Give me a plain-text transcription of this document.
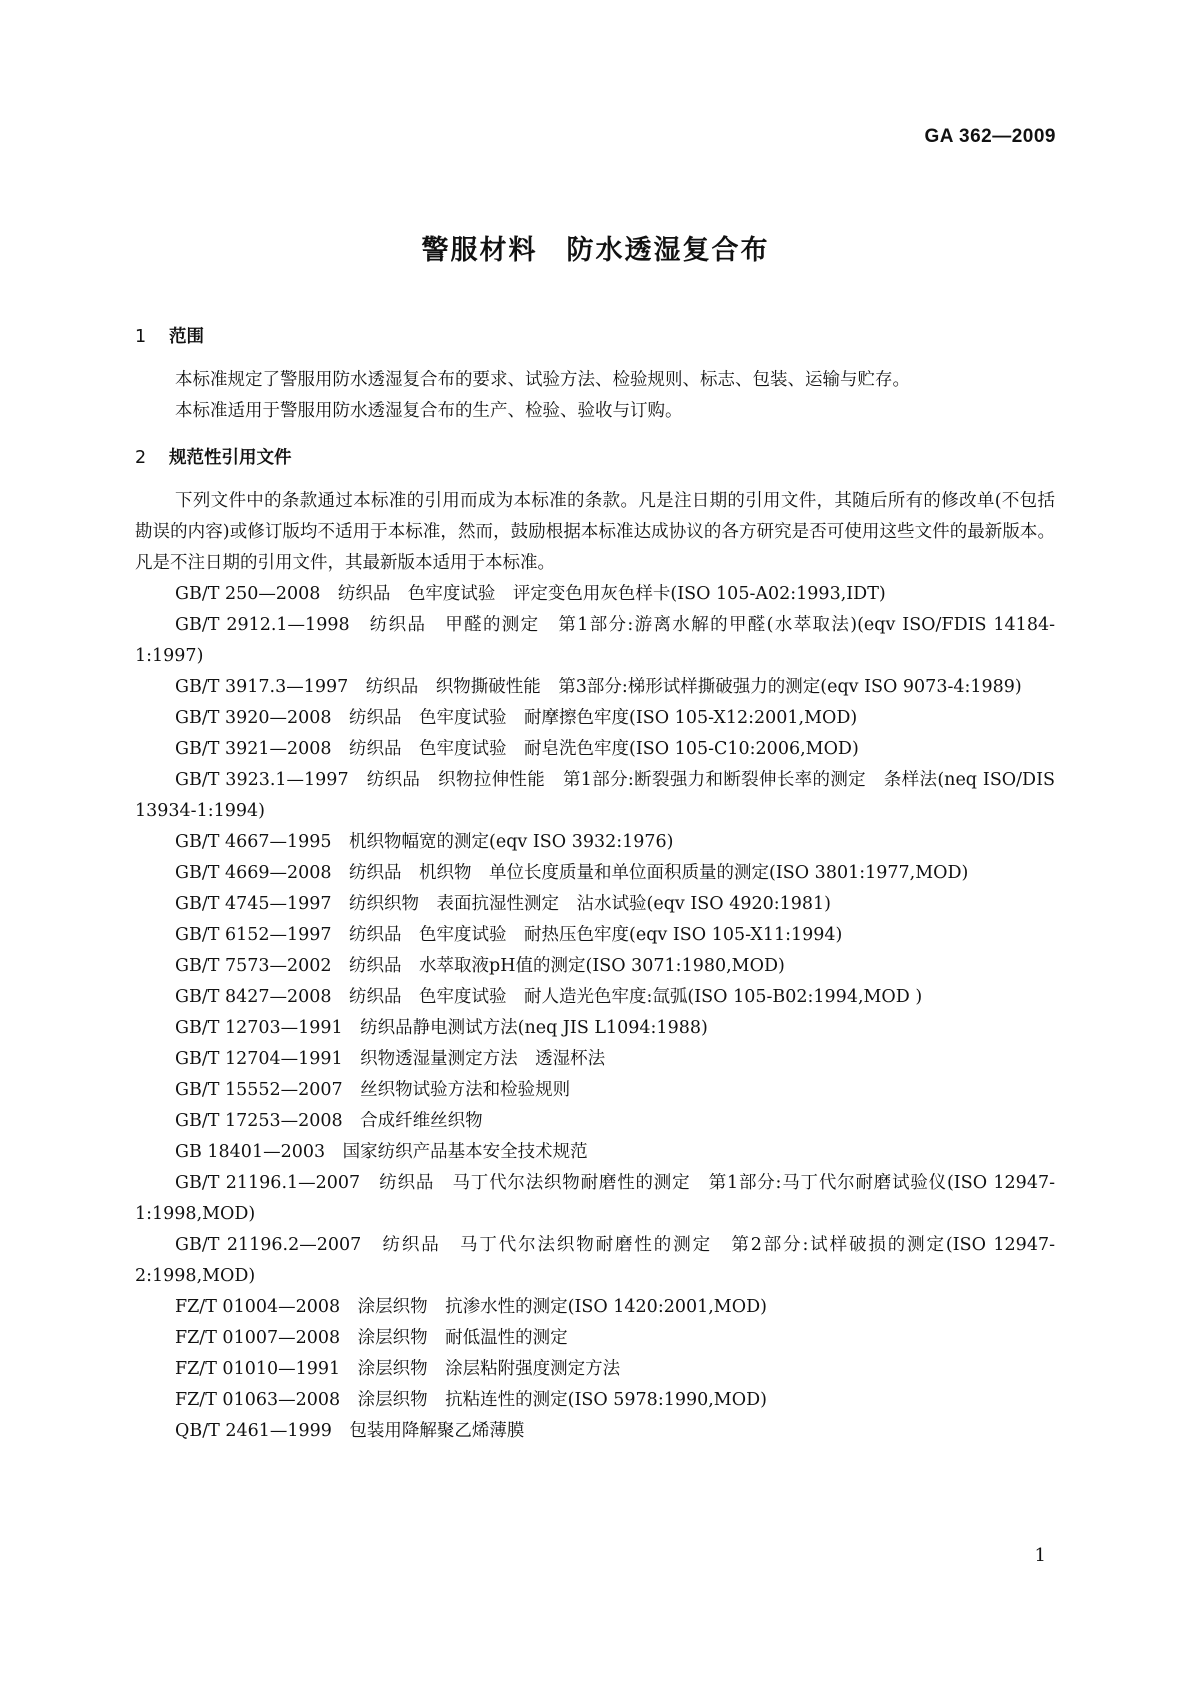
GA 362—2009
警服材料　防水透湿复合布
1 范围

本标准规定了警服用防水透湿复合布的要求、试验方法、检验规则、标志、包装、运输与贮存。

本标准适用于警服用防水透湿复合布的生产、检验、验收与订购。

2 规范性引用文件

下列文件中的条款通过本标准的引用而成为本标准的条款。凡是注日期的引用文件，其随后所有的修改单(不包括勘误的内容)或修订版均不适用于本标准，然而，鼓励根据本标准达成协议的各方研究是否可使用这些文件的最新版本。凡是不注日期的引用文件，其最新版本适用于本标准。

GB/T 250—2008　纺织品　色牢度试验　评定变色用灰色样卡(ISO 105-A02:1993,IDT)

GB/T 2912.1—1998　纺织品　甲醛的测定　第1部分:游离水解的甲醛(水萃取法)(eqv ISO/FDIS 14184-1:1997)

GB/T 3917.3—1997　纺织品　织物撕破性能　第3部分:梯形试样撕破强力的测定(eqv ISO 9073-4:1989)

GB/T 3920—2008　纺织品　色牢度试验　耐摩擦色牢度(ISO 105-X12:2001,MOD)

GB/T 3921—2008　纺织品　色牢度试验　耐皂洗色牢度(ISO 105-C10:2006,MOD)

GB/T 3923.1—1997　纺织品　织物拉伸性能　第1部分:断裂强力和断裂伸长率的测定　条样法(neq ISO/DIS 13934-1:1994)

GB/T 4667—1995　机织物幅宽的测定(eqv ISO 3932:1976)

GB/T 4669—2008　纺织品　机织物　单位长度质量和单位面积质量的测定(ISO 3801:1977,MOD)

GB/T 4745—1997　纺织织物　表面抗湿性测定　沾水试验(eqv ISO 4920:1981)

GB/T 6152—1997　纺织品　色牢度试验　耐热压色牢度(eqv ISO 105-X11:1994)

GB/T 7573—2002　纺织品　水萃取液pH值的测定(ISO 3071:1980,MOD)

GB/T 8427—2008　纺织品　色牢度试验　耐人造光色牢度:氙弧(ISO 105-B02:1994,MOD )

GB/T 12703—1991　纺织品静电测试方法(neq JIS L1094:1988)

GB/T 12704—1991　织物透湿量测定方法　透湿杯法

GB/T 15552—2007　丝织物试验方法和检验规则

GB/T 17253—2008　合成纤维丝织物

GB 18401—2003　国家纺织产品基本安全技术规范

GB/T 21196.1—2007　纺织品　马丁代尔法织物耐磨性的测定　第1部分:马丁代尔耐磨试验仪(ISO 12947-1:1998,MOD)

GB/T 21196.2—2007　纺织品　马丁代尔法织物耐磨性的测定　第2部分:试样破损的测定(ISO 12947-2:1998,MOD)

FZ/T 01004—2008　涂层织物　抗渗水性的测定(ISO 1420:2001,MOD)

FZ/T 01007—2008　涂层织物　耐低温性的测定

FZ/T 01010—1991　涂层织物　涂层粘附强度测定方法

FZ/T 01063—2008　涂层织物　抗粘连性的测定(ISO 5978:1990,MOD)

QB/T 2461—1999　包装用降解聚乙烯薄膜

1
